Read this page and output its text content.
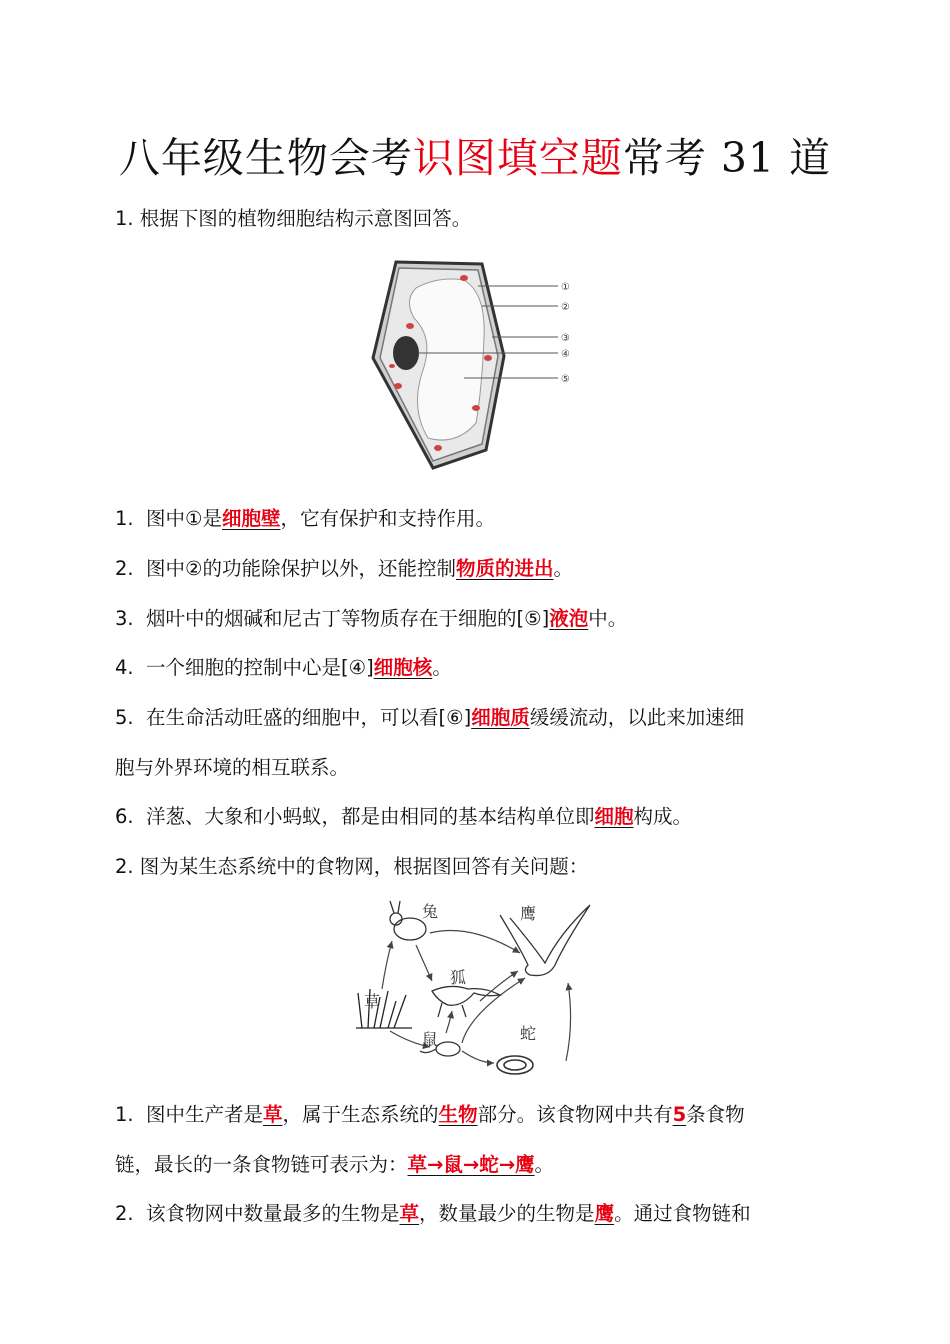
八年级生物会考识图填空题常考 31 道
1. 根据下图的植物细胞结构示意图回答。
①
②
③
④
⑤
1. 图中①是细胞壁，它有保护和支持作用。
2. 图中②的功能除保护以外，还能控制物质的进出。
3. 烟叶中的烟碱和尼古丁等物质存在于细胞的[⑤]液泡中。
4. 一个细胞的控制中心是[④]细胞核。
5. 在生命活动旺盛的细胞中，可以看[⑥]细胞质缓缓流动，以此来加速细
胞与外界环境的相互联系。
6. 洋葱、大象和小蚂蚁，都是由相同的基本结构单位即细胞构成。
2. 图为某生态系统中的食物网，根据图回答有关问题：
兔	鹰
狐
草
鼠	蛇
1. 图中生产者是草，属于生态系统的生物部分。该食物网中共有5条食物
链，最长的一条食物链可表示为：草→鼠→蛇→鹰。
2. 该食物网中数量最多的生物是草，数量最少的生物是鹰。通过食物链和
